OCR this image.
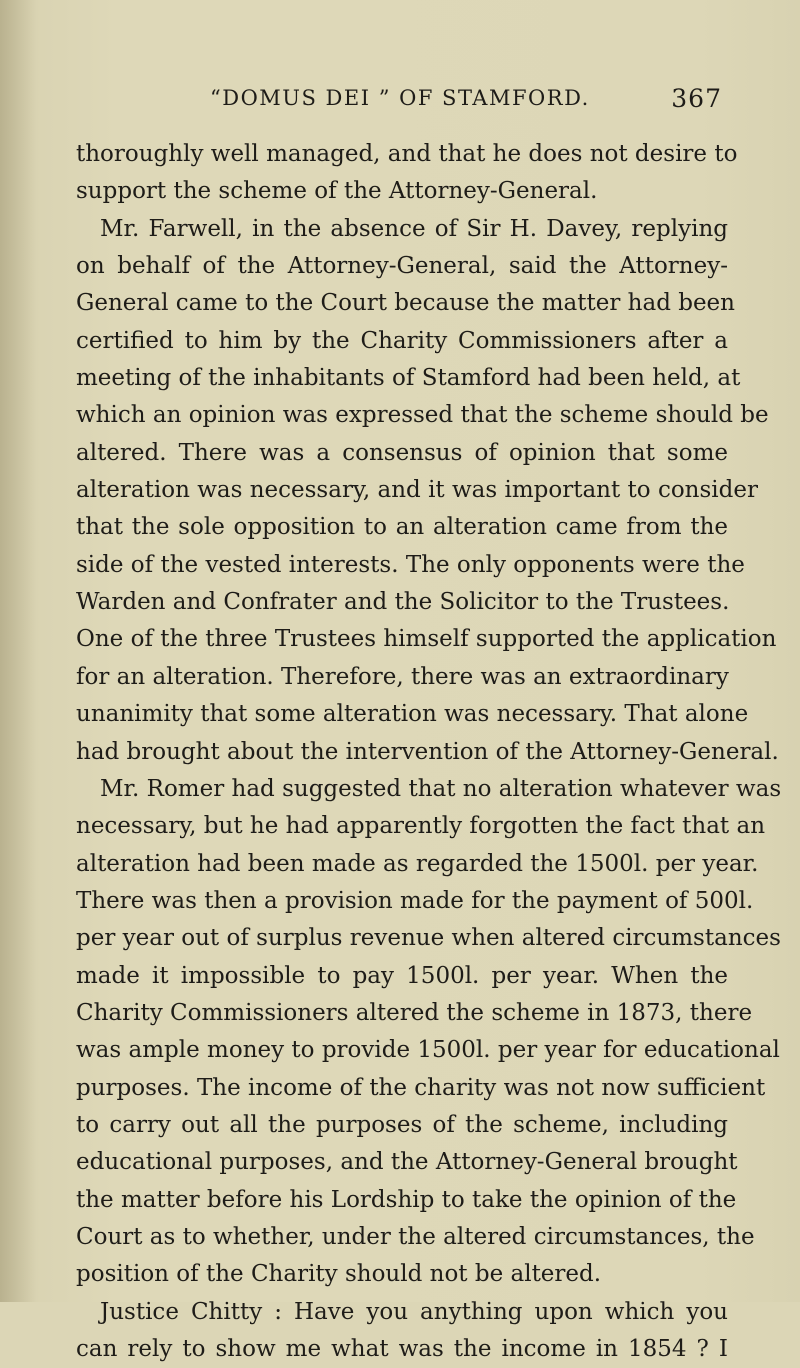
“DOMUS DEI ” OF STAMFORD.	367
thoroughly well managed, and that he does not desire to
support the scheme of the Attorney-General.
Mr. Farwell, in the absence of Sir H. Davey, replying
on behalf of the Attorney-General, said the Attorney-
General came to the Court because the matter had been
certified to him by the Charity Commissioners after a
meeting of the inhabitants of Stamford had been held, at
which an opinion was expressed that the scheme should be
altered. There was a consensus of opinion that some
alteration was necessary, and it was important to consider
that the sole opposition to an alteration came from the
side of the vested interests. The only opponents were the
Warden and Confrater and the Solicitor to the Trustees.
One of the three Trustees himself supported the application
for an alteration. Therefore, there was an extraordinary
unanimity that some alteration was necessary. That alone
had brought about the intervention of the Attorney-General.
Mr. Romer had suggested that no alteration whatever was
necessary, but he had apparently forgotten the fact that an
alteration had been made as regarded the 1500l. per year.
There was then a provision made for the payment of 500l.
per year out of surplus revenue when altered circumstances
made it impossible to pay 1500l. per year. When the
Charity Commissioners altered the scheme in 1873, there
was ample money to provide 1500l. per year for educational
purposes. The income of the charity was not now sufficient
to carry out all the purposes of the scheme, including
educational purposes, and the Attorney-General brought
the matter before his Lordship to take the opinion of the
Court as to whether, under the altered circumstances, the
position of the Charity should not be altered.
Justice Chitty : Have you anything upon which you
can rely to show me what was the income in 1854 ? I
